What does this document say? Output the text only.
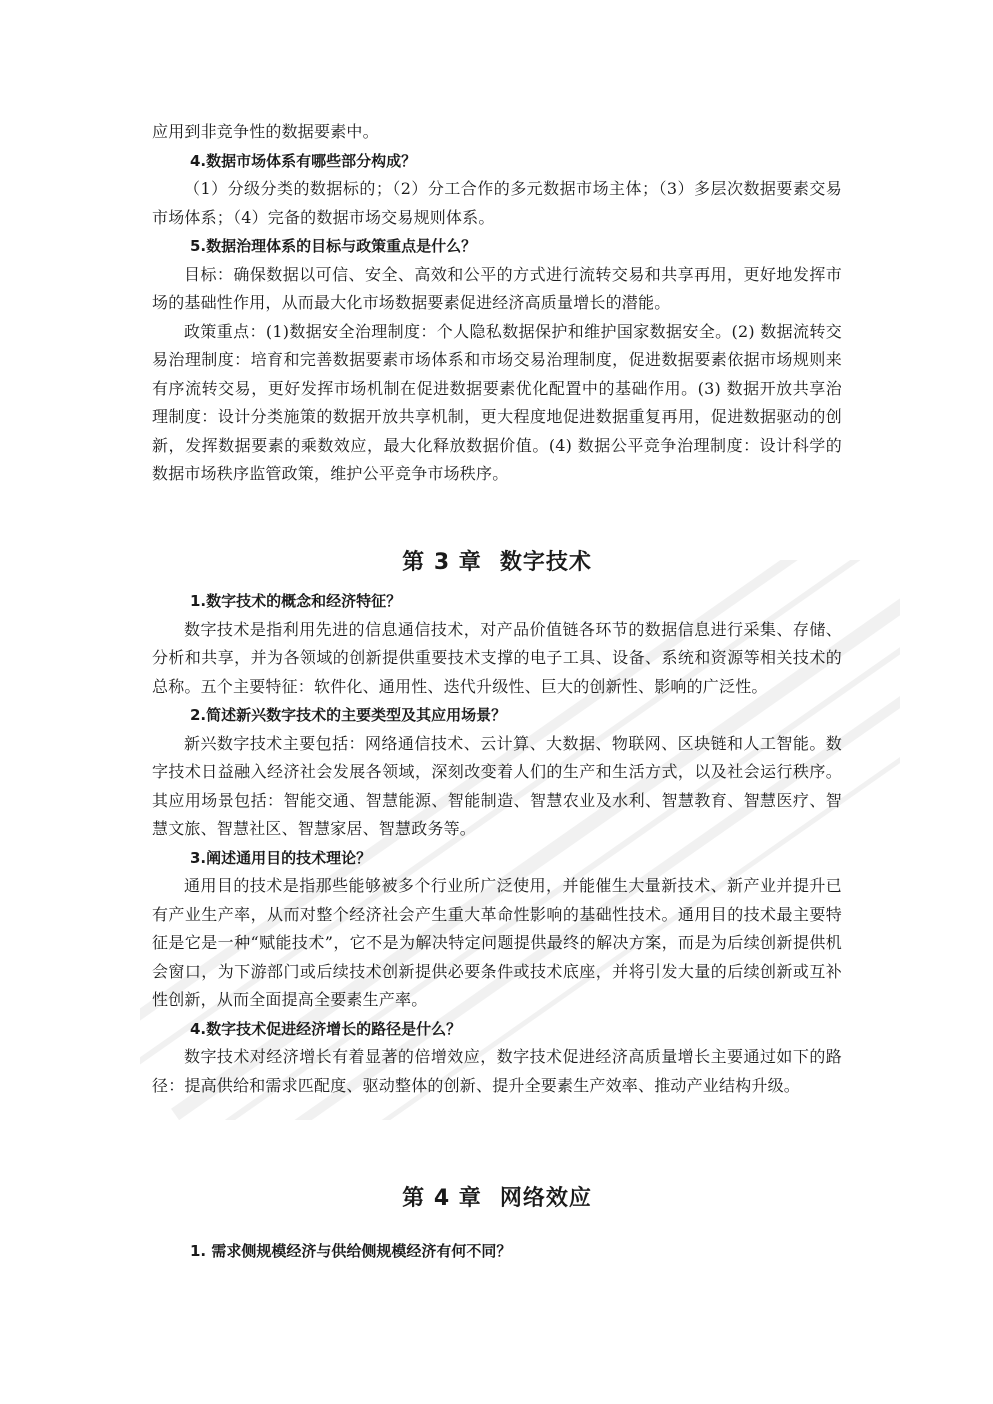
应用到非竞争性的数据要素中。

4.数据市场体系有哪些部分构成？

（1）分级分类的数据标的；（2）分工合作的多元数据市场主体；（3）多层次数据要素交易市场体系；（4）完备的数据市场交易规则体系。

5.数据治理体系的目标与政策重点是什么？

目标：确保数据以可信、安全、高效和公平的方式进行流转交易和共享再用，更好地发挥市场的基础性作用，从而最大化市场数据要素促进经济高质量增长的潜能。

政策重点：(1)数据安全治理制度：个人隐私数据保护和维护国家数据安全。(2) 数据流转交易治理制度：培育和完善数据要素市场体系和市场交易治理制度，促进数据要素依据市场规则来有序流转交易，更好发挥市场机制在促进数据要素优化配置中的基础作用。(3) 数据开放共享治理制度：设计分类施策的数据开放共享机制，更大程度地促进数据重复再用，促进数据驱动的创新，发挥数据要素的乘数效应，最大化释放数据价值。(4) 数据公平竞争治理制度：设计科学的数据市场秩序监管政策，维护公平竞争市场秩序。

第 3 章 数字技术

1.数字技术的概念和经济特征？

数字技术是指利用先进的信息通信技术，对产品价值链各环节的数据信息进行采集、存储、分析和共享，并为各领域的创新提供重要技术支撑的电子工具、设备、系统和资源等相关技术的总称。五个主要特征：软件化、通用性、迭代升级性、巨大的创新性、影响的广泛性。

2.简述新兴数字技术的主要类型及其应用场景？

新兴数字技术主要包括：网络通信技术、云计算、大数据、物联网、区块链和人工智能。数字技术日益融入经济社会发展各领域，深刻改变着人们的生产和生活方式，以及社会运行秩序。其应用场景包括：智能交通、智慧能源、智能制造、智慧农业及水利、智慧教育、智慧医疗、智慧文旅、智慧社区、智慧家居、智慧政务等。

3.阐述通用目的技术理论？

通用目的技术是指那些能够被多个行业所广泛使用，并能催生大量新技术、新产业并提升已有产业生产率，从而对整个经济社会产生重大革命性影响的基础性技术。通用目的技术最主要特征是它是一种“赋能技术”，它不是为解决特定问题提供最终的解决方案，而是为后续创新提供机会窗口，为下游部门或后续技术创新提供必要条件或技术底座，并将引发大量的后续创新或互补性创新，从而全面提高全要素生产率。

4.数字技术促进经济增长的路径是什么？

数字技术对经济增长有着显著的倍增效应，数字技术促进经济高质量增长主要通过如下的路径：提高供给和需求匹配度、驱动整体的创新、提升全要素生产效率、推动产业结构升级。

第 4 章 网络效应

1. 需求侧规模经济与供给侧规模经济有何不同？
